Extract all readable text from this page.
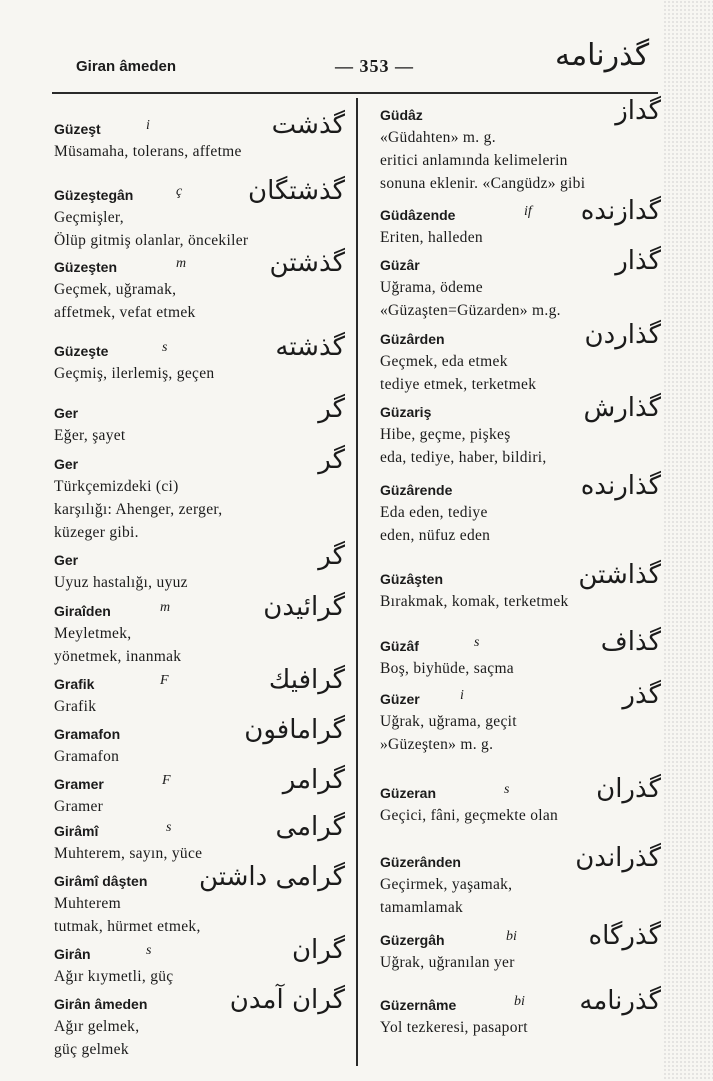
Giran âmeden	— 353 —	گذرنامه
Güzeşt	i	گذشت
Müsamaha, tolerans, affetme
Güzeştegân	ç	گذشتگان
Geçmişler,
Ölüp gitmiş olanlar, öncekiler
Güzeşten	m	گذشتن
Geçmek, uğramak,
affetmek, vefat etmek
Güzeşte	s	گذشته
Geçmiş, ilerlemiş, geçen
Ger	گر
Eğer, şayet
Ger	گر
Türkçemizdeki (ci)
karşılığı: Ahenger, zerger,
küzeger gibi.
Ger	گر
Uyuz hastalığı, uyuz
Giraîden	m	گرائیدن
Meyletmek,
yönetmek, inanmak
Grafik	F	گرافیك
Grafik
Gramafon	گرامافون
Gramafon
Gramer	F	گرامر
Gramer
Girâmî	s	گرامی
Muhterem, sayın, yüce
Girâmî dâşten	گرامی داشتن
Muhterem
tutmak, hürmet etmek,
Girân	s	گران
Ağır kıymetli, güç
Girân âmeden	گران آمدن
Ağır gelmek,
güç gelmek
Güdâz	گداز
«Güdahten» m. g.
eritici anlamında kelimelerin
sonuna eklenir. «Cangüdz» gibi
Güdâzende	if گدازنده
Eriten, halleden
Güzâr	گذار
Uğrama, ödeme
«Güzaşten=Güzarden» m.g.
Güzârden	گذاردن
Geçmek, eda etmek
tediye etmek, terketmek
Güzariş	گذارش
Hibe, geçme, pişkeş
eda, tediye, haber, bildiri,
Güzârende	گذارنده
Eda eden, tediye
eden, nüfuz eden
Güzâşten	گذاشتن
Bırakmak, komak, terketmek
Güzâf	s	گذاف
Boş, biyhüde, saçma
Güzer	i	گذر
Uğrak, uğrama, geçit
»Güzeşten» m. g.
Güzeran	s	گذران
Geçici, fâni, geçmekte olan
Güzerânden	گذراندن
Geçirmek, yaşamak,
tamamlamak
Güzergâh	bi	گذرگاه
Uğrak, uğranılan yer
Güzernâme	bi گذرنامه
Yol tezkeresi, pasaport
